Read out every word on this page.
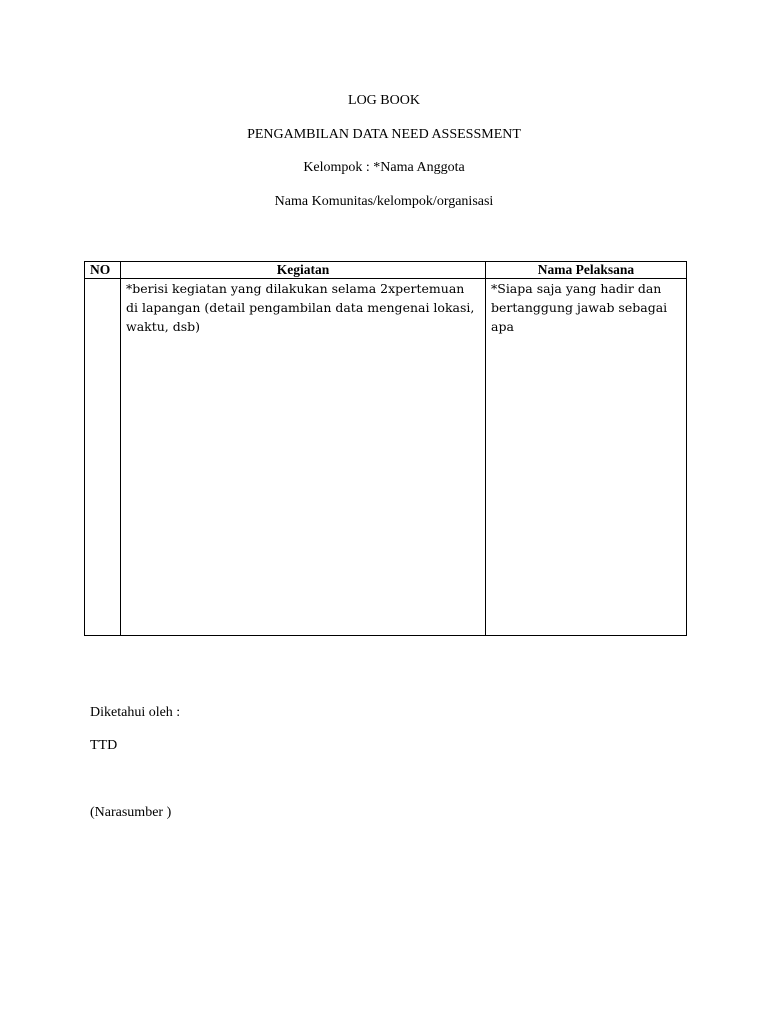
LOG BOOK
PENGAMBILAN DATA NEED ASSESSMENT
Kelompok : *Nama Anggota
Nama Komunitas/kelompok/organisasi
NO	Kegiatan	Nama Pelaksana
	*berisi kegiatan yang dilakukan selama 2xpertemuan di lapangan (detail pengambilan data mengenai lokasi, waktu, dsb)	*Siapa saja yang hadir dan bertanggung jawab sebagai apa
Diketahui oleh :
TTD
(Narasumber )
